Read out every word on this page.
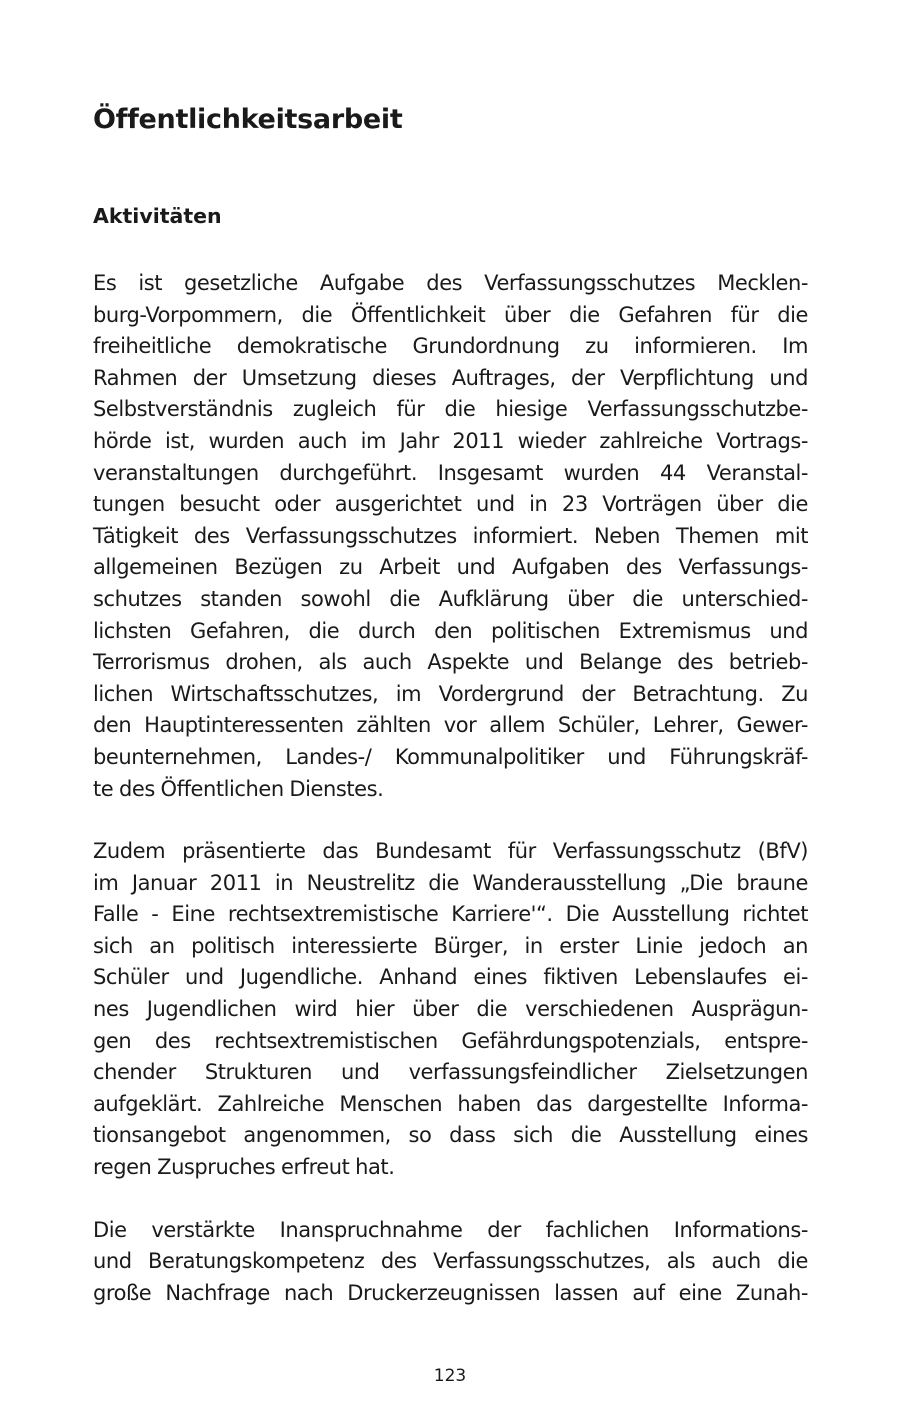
Öffentlichkeitsarbeit
Aktivitäten

Es ist gesetzliche Aufgabe des Verfassungsschutzes Mecklen-
burg-Vorpommern, die Öffentlichkeit über die Gefahren für die
freiheitliche demokratische Grundordnung zu informieren. Im
Rahmen der Umsetzung dieses Auftrages, der Verpflichtung und
Selbstverständnis zugleich für die hiesige Verfassungsschutzbe-
hörde ist, wurden auch im Jahr 2011 wieder zahlreiche Vortrags-
veranstaltungen durchgeführt. Insgesamt wurden 44 Veranstal-
tungen besucht oder ausgerichtet und in 23 Vorträgen über die
Tätigkeit des Verfassungsschutzes informiert. Neben Themen mit
allgemeinen Bezügen zu Arbeit und Aufgaben des Verfassungs-
schutzes standen sowohl die Aufklärung über die unterschied-
lichsten Gefahren, die durch den politischen Extremismus und
Terrorismus drohen, als auch Aspekte und Belange des betrieb-
lichen Wirtschaftsschutzes, im Vordergrund der Betrachtung. Zu
den Hauptinteressenten zählten vor allem Schüler, Lehrer, Gewer-
beunternehmen, Landes-/ Kommunalpolitiker und Führungskräf-
te des Öffentlichen Dienstes.

Zudem präsentierte das Bundesamt für Verfassungsschutz (BfV)
im Januar 2011 in Neustrelitz die Wanderausstellung „Die braune
Falle - Eine rechtsextremistische Karriere'“. Die Ausstellung richtet
sich an politisch interessierte Bürger, in erster Linie jedoch an
Schüler und Jugendliche. Anhand eines fiktiven Lebenslaufes ei-
nes Jugendlichen wird hier über die verschiedenen Ausprägun-
gen des rechtsextremistischen Gefährdungspotenzials, entspre-
chender Strukturen und verfassungsfeindlicher Zielsetzungen
aufgeklärt. Zahlreiche Menschen haben das dargestellte Informa-
tionsangebot angenommen, so dass sich die Ausstellung eines
regen Zuspruches erfreut hat.

Die verstärkte Inanspruchnahme der fachlichen Informations-
und Beratungskompetenz des Verfassungsschutzes, als auch die
große Nachfrage nach Druckerzeugnissen lassen auf eine Zunah-

123
